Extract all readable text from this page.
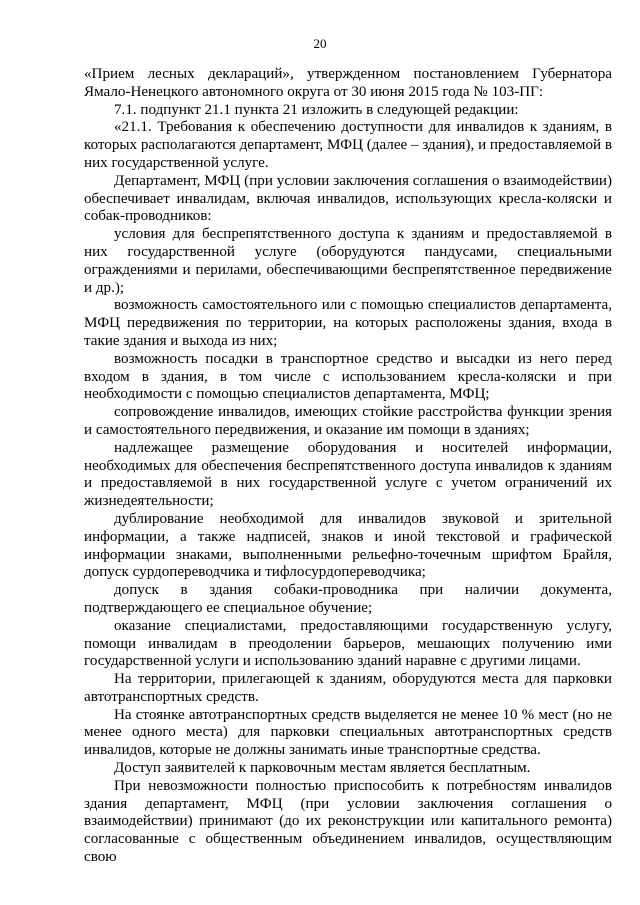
20

«Прием лесных деклараций», утвержденном постановлением Губернатора Ямало-Ненецкого автономного округа от 30 июня 2015 года № 103-ПГ:

7.1. подпункт 21.1 пункта 21 изложить в следующей редакции:

«21.1. Требования к обеспечению доступности для инвалидов к зданиям, в которых располагаются департамент, МФЦ (далее – здания), и предоставляемой в них государственной услуге.

Департамент, МФЦ (при условии заключения соглашения о взаимодействии) обеспечивает инвалидам, включая инвалидов, использующих кресла-коляски и собак-проводников:

условия для беспрепятственного доступа к зданиям и предоставляемой в них государственной услуге (оборудуются пандусами, специальными ограждениями и перилами, обеспечивающими беспрепятственное передвижение и др.);

возможность самостоятельного или с помощью специалистов департамента, МФЦ передвижения по территории, на которых расположены здания, входа в такие здания и выхода из них;

возможность посадки в транспортное средство и высадки из него перед входом в здания, в том числе с использованием кресла-коляски и при необходимости с помощью специалистов департамента, МФЦ;

сопровождение инвалидов, имеющих стойкие расстройства функции зрения и самостоятельного передвижения, и оказание им помощи в зданиях;

надлежащее размещение оборудования и носителей информации, необходимых для обеспечения беспрепятственного доступа инвалидов к зданиям и предоставляемой в них государственной услуге с учетом ограничений их жизнедеятельности;

дублирование необходимой для инвалидов звуковой и зрительной информации, а также надписей, знаков и иной текстовой и графической информации знаками, выполненными рельефно-точечным шрифтом Брайля, допуск сурдопереводчика и тифлосурдопереводчика;

допуск в здания собаки-проводника при наличии документа, подтверждающего ее специальное обучение;

оказание специалистами, предоставляющими государственную услугу, помощи инвалидам в преодолении барьеров, мешающих получению ими государственной услуги и использованию зданий наравне с другими лицами.

На территории, прилегающей к зданиям, оборудуются места для парковки автотранспортных средств.

На стоянке автотранспортных средств выделяется не менее 10 % мест (но не менее одного места) для парковки специальных автотранспортных средств инвалидов, которые не должны занимать иные транспортные средства.

Доступ заявителей к парковочным местам является бесплатным.

При невозможности полностью приспособить к потребностям инвалидов здания департамент, МФЦ (при условии заключения соглашения о взаимодействии) принимают (до их реконструкции или капитального ремонта) согласованные с общественным объединением инвалидов, осуществляющим свою
